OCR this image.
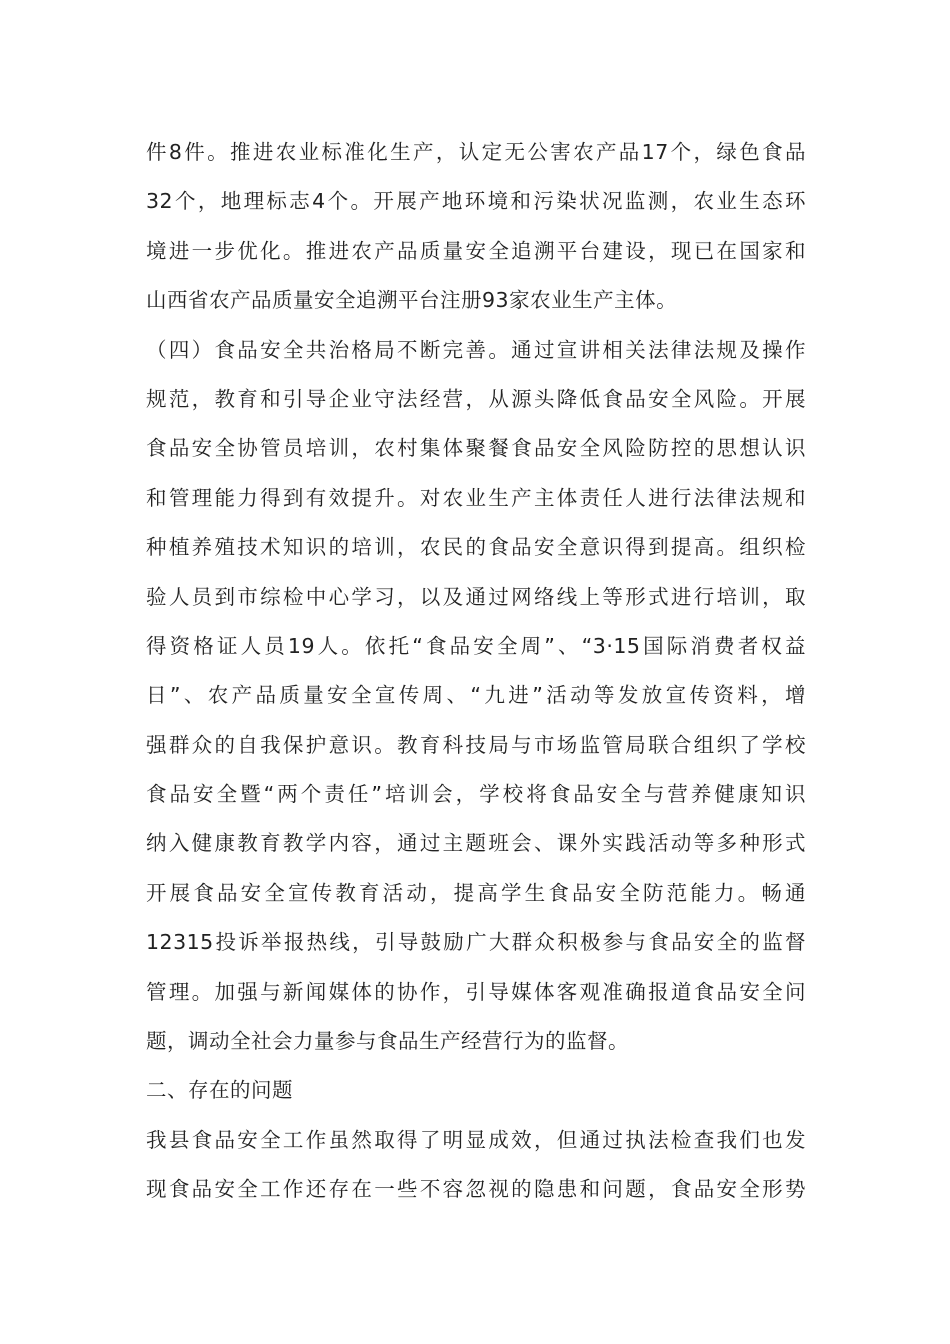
件8件。推进农业标准化生产，认定无公害农产品17个，绿色食品
32个，地理标志4个。开展产地环境和污染状况监测，农业生态环
境进一步优化。推进农产品质量安全追溯平台建设，现已在国家和
山西省农产品质量安全追溯平台注册93家农业生产主体。
（四）食品安全共治格局不断完善。通过宣讲相关法律法规及操作
规范，教育和引导企业守法经营，从源头降低食品安全风险。开展
食品安全协管员培训，农村集体聚餐食品安全风险防控的思想认识
和管理能力得到有效提升。对农业生产主体责任人进行法律法规和
种植养殖技术知识的培训，农民的食品安全意识得到提高。组织检
验人员到市综检中心学习，以及通过网络线上等形式进行培训，取
得资格证人员19人。依托“食品安全周”、“3·15国际消费者权益
日”、农产品质量安全宣传周、“九进”活动等发放宣传资料，增
强群众的自我保护意识。教育科技局与市场监管局联合组织了学校
食品安全暨“两个责任”培训会，学校将食品安全与营养健康知识
纳入健康教育教学内容，通过主题班会、课外实践活动等多种形式
开展食品安全宣传教育活动，提高学生食品安全防范能力。畅通
12315投诉举报热线，引导鼓励广大群众积极参与食品安全的监督
管理。加强与新闻媒体的协作，引导媒体客观准确报道食品安全问
题，调动全社会力量参与食品生产经营行为的监督。
二、存在的问题
我县食品安全工作虽然取得了明显成效，但通过执法检查我们也发
现食品安全工作还存在一些不容忽视的隐患和问题，食品安全形势
